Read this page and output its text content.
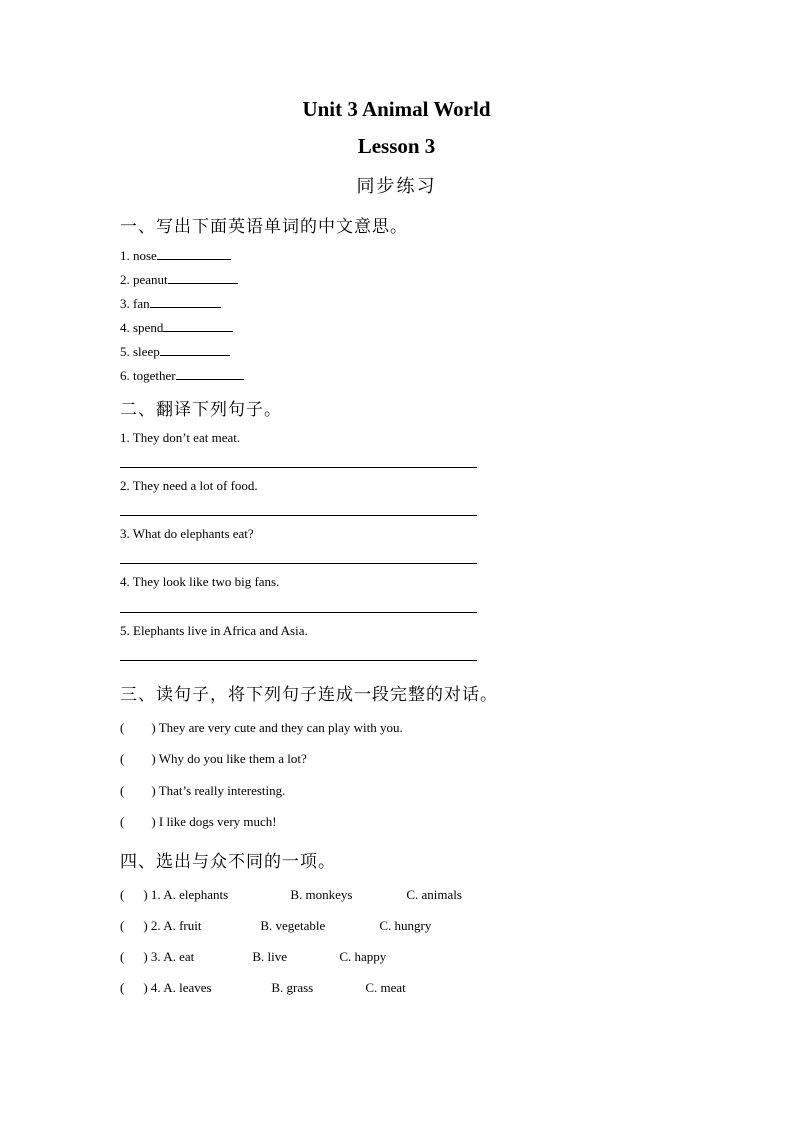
Unit 3 Animal World
Lesson 3
同步练习
一、写出下面英语单词的中文意思。
1. nose
2. peanut
3. fan
4. spend
5. sleep
6. together
二、翻译下列句子。
1. They don’t eat meat.
2. They need a lot of food.
3. What do elephants eat?
4. They look like two big fans.
5. Elephants live in Africa and Asia.
三、读句子，将下列句子连成一段完整的对话。
( ) They are very cute and they can play with you.
( ) Why do you like them a lot?
( ) That’s really interesting.
( ) I like dogs very much!
四、选出与众不同的一项。
( ) 1. A. elephants	B. monkeys	C. animals
( ) 2. A. fruit	B. vegetable	C. hungry
( ) 3. A. eat	B. live	C. happy
( ) 4. A. leaves	B. grass	C. meat
